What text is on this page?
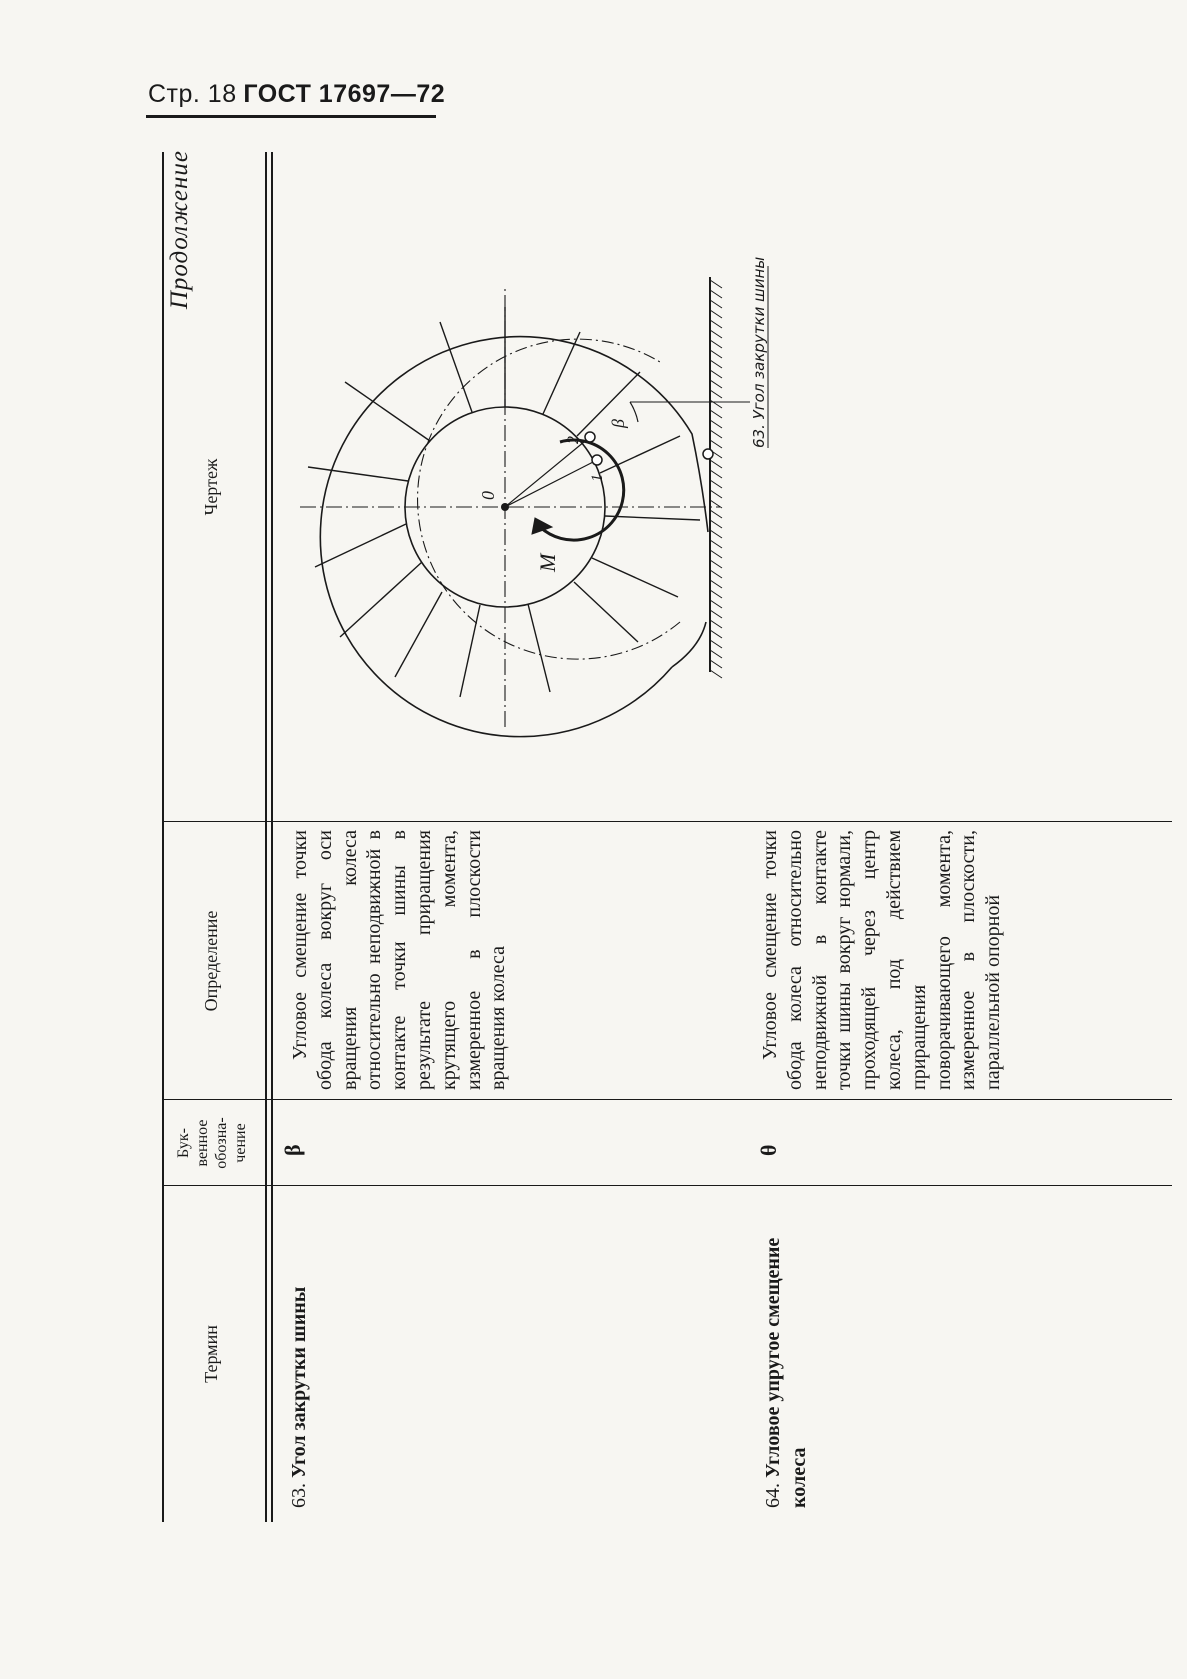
Стр. 18 ГОСТ 17697—72
Продолжение
Термин
Бук-
венное
обозна-
чение
Определение
Чертеж
63. Угол закрутки шины
β
Угловое смещение точки обода колеса вокруг оси вращения колеса относительно неподвижной в контакте точки шины в результате приращения крутящего момента, измеренное в плоскости вращения колеса
64. Угловое упругое смещение колеса
θ
Угловое смещение точки обода колеса относительно неподвижной в контакте точки шины вокруг нормали, проходящей через центр колеса, под действием приращения поворачивающего момента, измеренное в плоскости, параллельной опорной
0
M
1
2
β	63. Угол закрутки шины
